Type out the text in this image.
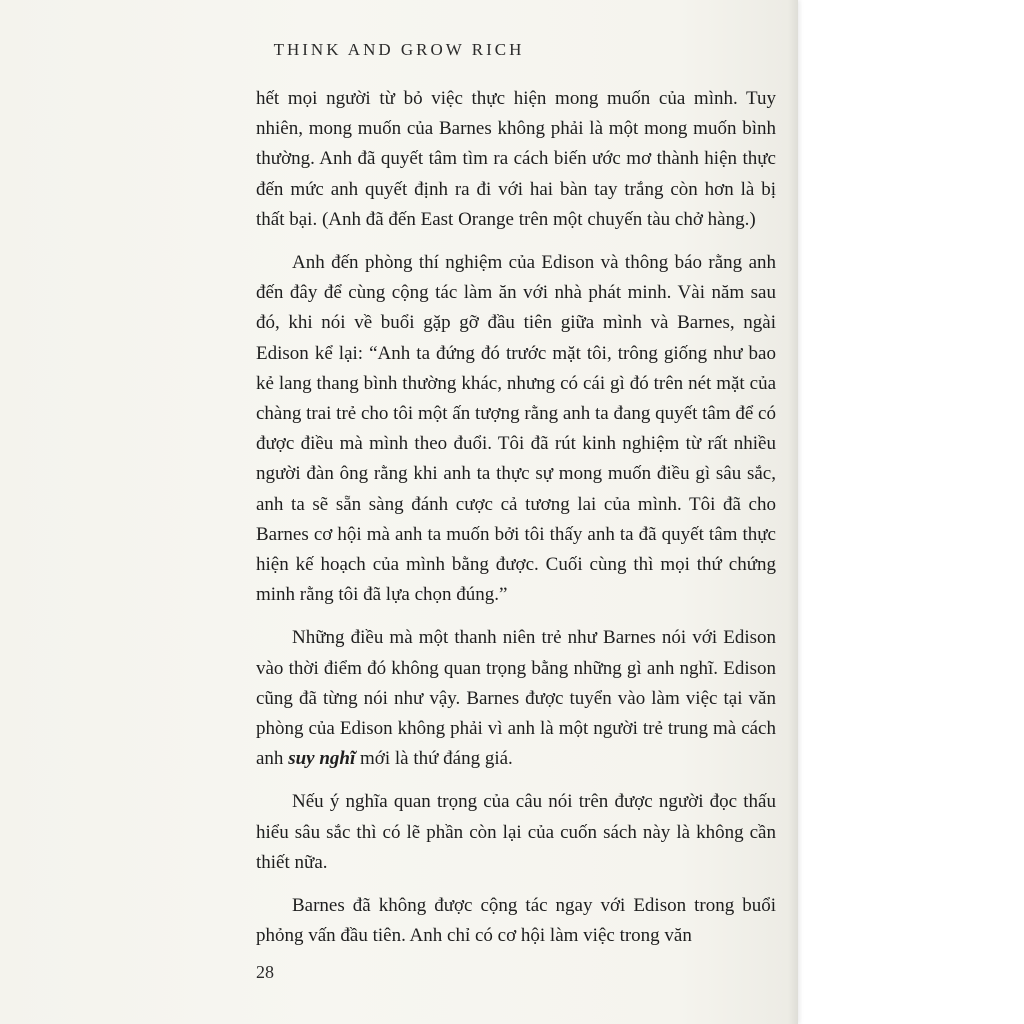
THINK AND GROW RICH

hết mọi người từ bỏ việc thực hiện mong muốn của mình. Tuy nhiên, mong muốn của Barnes không phải là một mong muốn bình thường. Anh đã quyết tâm tìm ra cách biến ước mơ thành hiện thực đến mức anh quyết định ra đi với hai bàn tay trắng còn hơn là bị thất bại. (Anh đã đến East Orange trên một chuyến tàu chở hàng.)

Anh đến phòng thí nghiệm của Edison và thông báo rằng anh đến đây để cùng cộng tác làm ăn với nhà phát minh. Vài năm sau đó, khi nói về buổi gặp gỡ đầu tiên giữa mình và Barnes, ngài Edison kể lại: “Anh ta đứng đó trước mặt tôi, trông giống như bao kẻ lang thang bình thường khác, nhưng có cái gì đó trên nét mặt của chàng trai trẻ cho tôi một ấn tượng rằng anh ta đang quyết tâm để có được điều mà mình theo đuổi. Tôi đã rút kinh nghiệm từ rất nhiều người đàn ông rằng khi anh ta thực sự mong muốn điều gì sâu sắc, anh ta sẽ sẵn sàng đánh cược cả tương lai của mình. Tôi đã cho Barnes cơ hội mà anh ta muốn bởi tôi thấy anh ta đã quyết tâm thực hiện kế hoạch của mình bằng được. Cuối cùng thì mọi thứ chứng minh rằng tôi đã lựa chọn đúng.”

Những điều mà một thanh niên trẻ như Barnes nói với Edison vào thời điểm đó không quan trọng bằng những gì anh nghĩ. Edison cũng đã từng nói như vậy. Barnes được tuyển vào làm việc tại văn phòng của Edison không phải vì anh là một người trẻ trung mà cách anh suy nghĩ mới là thứ đáng giá.

Nếu ý nghĩa quan trọng của câu nói trên được người đọc thấu hiểu sâu sắc thì có lẽ phần còn lại của cuốn sách này là không cần thiết nữa.

Barnes đã không được cộng tác ngay với Edison trong buổi phỏng vấn đầu tiên. Anh chỉ có cơ hội làm việc trong văn

28
